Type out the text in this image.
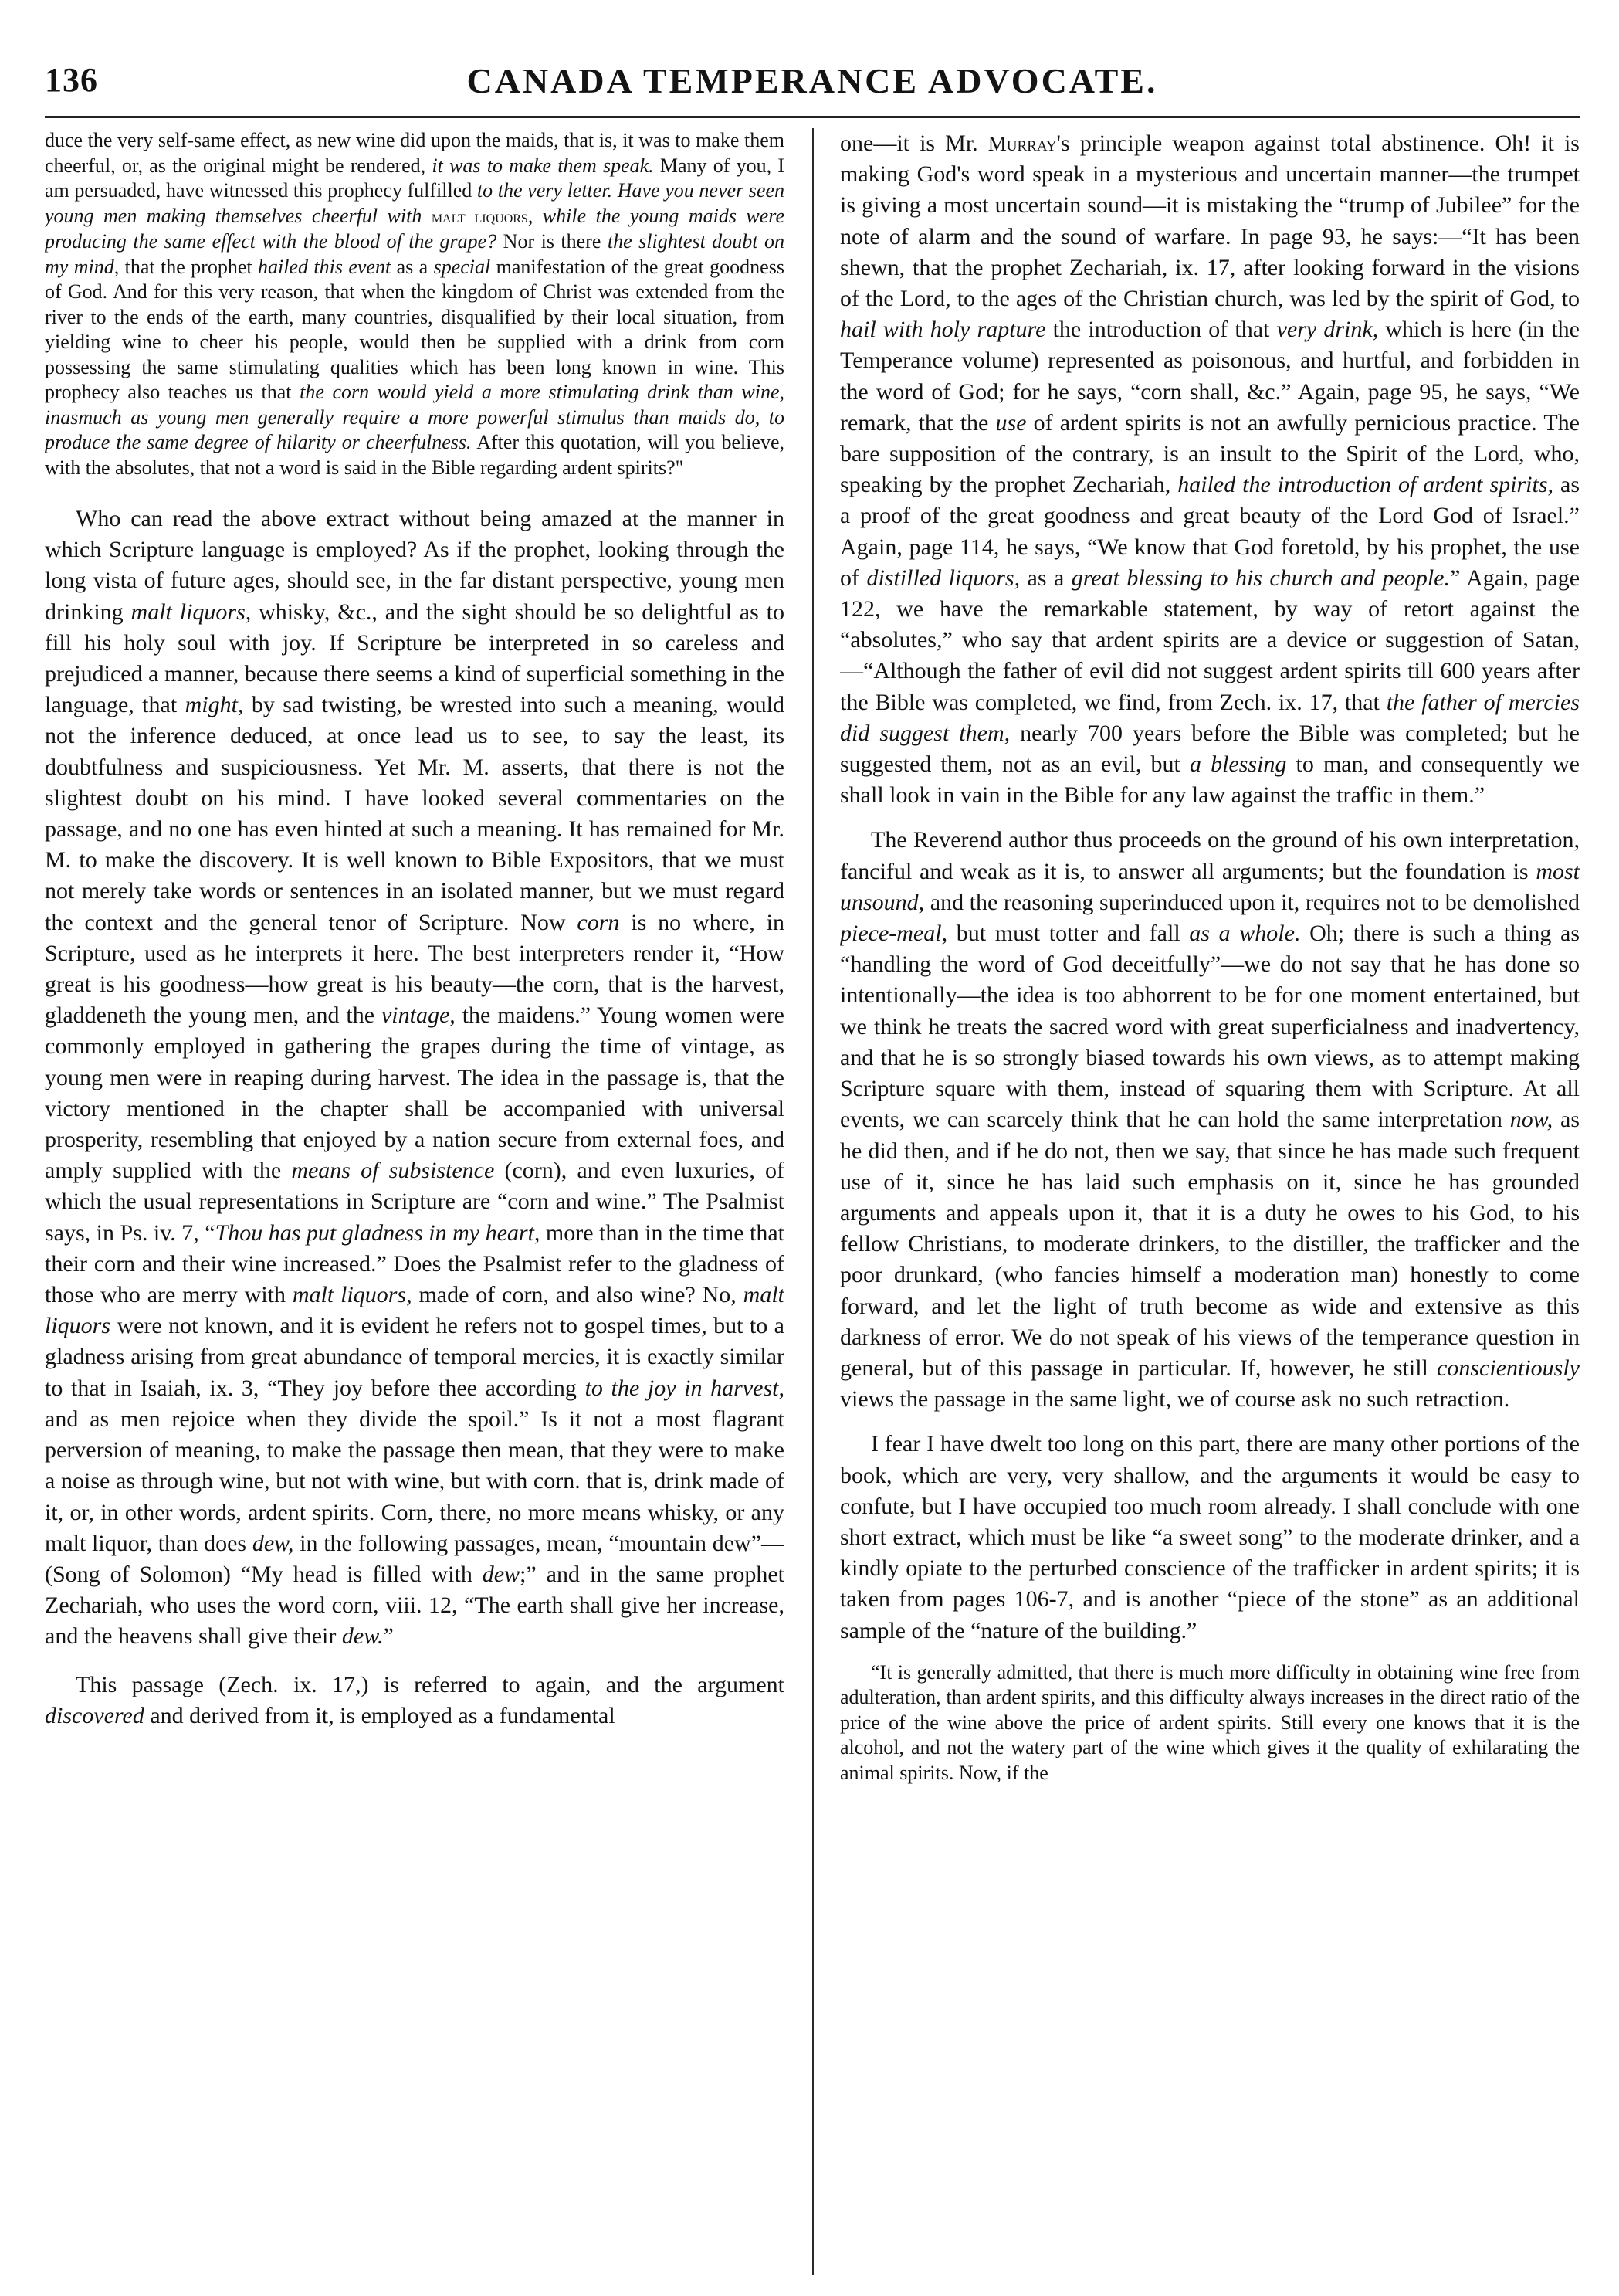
136	CANADA TEMPERANCE ADVOCATE.

duce the very self-same effect, as new wine did upon the maids, that is, it was to make them cheerful, or, as the original might be rendered, it was to make them speak. Many of you, I am persuaded, have witnessed this prophecy fulfilled to the very letter. Have you never seen young men making themselves cheerful with malt liquors, while the young maids were producing the same effect with the blood of the grape? Nor is there the slightest doubt on my mind, that the prophet hailed this event as a special manifestation of the great goodness of God. And for this very reason, that when the kingdom of Christ was extended from the river to the ends of the earth, many countries, disqualified by their local situation, from yielding wine to cheer his people, would then be supplied with a drink from corn possessing the same stimulating qualities which has been long known in wine. This prophecy also teaches us that the corn would yield a more stimulating drink than wine, inasmuch as young men generally require a more powerful stimulus than maids do, to produce the same degree of hilarity or cheerfulness. After this quotation, will you believe, with the absolutes, that not a word is said in the Bible regarding ardent spirits?"

Who can read the above extract without being amazed at the manner in which Scripture language is employed? As if the prophet, looking through the long vista of future ages, should see, in the far distant perspective, young men drinking malt liquors, whisky, &c., and the sight should be so delightful as to fill his holy soul with joy. If Scripture be interpreted in so careless and prejudiced a manner, because there seems a kind of superficial something in the language, that might, by sad twisting, be wrested into such a meaning, would not the inference deduced, at once lead us to see, to say the least, its doubtfulness and suspiciousness. Yet Mr. M. asserts, that there is not the slightest doubt on his mind. I have looked several commentaries on the passage, and no one has even hinted at such a meaning. It has remained for Mr. M. to make the discovery. It is well known to Bible Expositors, that we must not merely take words or sentences in an isolated manner, but we must regard the context and the general tenor of Scripture. Now corn is no where, in Scripture, used as he interprets it here. The best interpreters render it, “How great is his goodness—how great is his beauty—the corn, that is the harvest, gladdeneth the young men, and the vintage, the maidens.” Young women were commonly employed in gathering the grapes during the time of vintage, as young men were in reaping during harvest. The idea in the passage is, that the victory mentioned in the chapter shall be accompanied with universal prosperity, resembling that enjoyed by a nation secure from external foes, and amply supplied with the means of subsistence (corn), and even luxuries, of which the usual representations in Scripture are “corn and wine.” The Psalmist says, in Ps. iv. 7, “Thou has put gladness in my heart, more than in the time that their corn and their wine increased.” Does the Psalmist refer to the gladness of those who are merry with malt liquors, made of corn, and also wine? No, malt liquors were not known, and it is evident he refers not to gospel times, but to a gladness arising from great abundance of temporal mercies, it is exactly similar to that in Isaiah, ix. 3, “They joy before thee according to the joy in harvest, and as men rejoice when they divide the spoil.” Is it not a most flagrant perversion of meaning, to make the passage then mean, that they were to make a noise as through wine, but not with wine, but with corn. that is, drink made of it, or, in other words, ardent spirits. Corn, there, no more means whisky, or any malt liquor, than does dew, in the following passages, mean, “mountain dew”—(Song of Solomon) “My head is filled with dew;” and in the same prophet Zechariah, who uses the word corn, viii. 12, “The earth shall give her increase, and the heavens shall give their dew.”

This passage (Zech. ix. 17,) is referred to again, and the argument discovered and derived from it, is employed as a fundamental

one—it is Mr. Murray's principle weapon against total abstinence. Oh! it is making God's word speak in a mysterious and uncertain manner—the trumpet is giving a most uncertain sound—it is mistaking the “trump of Jubilee” for the note of alarm and the sound of warfare. In page 93, he says:—“It has been shewn, that the prophet Zechariah, ix. 17, after looking forward in the visions of the Lord, to the ages of the Christian church, was led by the spirit of God, to hail with holy rapture the introduction of that very drink, which is here (in the Temperance volume) represented as poisonous, and hurtful, and forbidden in the word of God; for he says, “corn shall, &c.” Again, page 95, he says, “We remark, that the use of ardent spirits is not an awfully pernicious practice. The bare supposition of the contrary, is an insult to the Spirit of the Lord, who, speaking by the prophet Zechariah, hailed the introduction of ardent spirits, as a proof of the great goodness and great beauty of the Lord God of Israel.” Again, page 114, he says, “We know that God foretold, by his prophet, the use of distilled liquors, as a great blessing to his church and people.” Again, page 122, we have the remarkable statement, by way of retort against the “absolutes,” who say that ardent spirits are a device or suggestion of Satan,—“Although the father of evil did not suggest ardent spirits till 600 years after the Bible was completed, we find, from Zech. ix. 17, that the father of mercies did suggest them, nearly 700 years before the Bible was completed; but he suggested them, not as an evil, but a blessing to man, and consequently we shall look in vain in the Bible for any law against the traffic in them.”

The Reverend author thus proceeds on the ground of his own interpretation, fanciful and weak as it is, to answer all arguments; but the foundation is most unsound, and the reasoning superinduced upon it, requires not to be demolished piece-meal, but must totter and fall as a whole. Oh; there is such a thing as “handling the word of God deceitfully”—we do not say that he has done so intentionally—the idea is too abhorrent to be for one moment entertained, but we think he treats the sacred word with great superficialness and inadvertency, and that he is so strongly biased towards his own views, as to attempt making Scripture square with them, instead of squaring them with Scripture. At all events, we can scarcely think that he can hold the same interpretation now, as he did then, and if he do not, then we say, that since he has made such frequent use of it, since he has laid such emphasis on it, since he has grounded arguments and appeals upon it, that it is a duty he owes to his God, to his fellow Christians, to moderate drinkers, to the distiller, the trafficker and the poor drunkard, (who fancies himself a moderation man) honestly to come forward, and let the light of truth become as wide and extensive as this darkness of error. We do not speak of his views of the temperance question in general, but of this passage in particular. If, however, he still conscientiously views the passage in the same light, we of course ask no such retraction.

I fear I have dwelt too long on this part, there are many other portions of the book, which are very, very shallow, and the arguments it would be easy to confute, but I have occupied too much room already. I shall conclude with one short extract, which must be like “a sweet song” to the moderate drinker, and a kindly opiate to the perturbed conscience of the trafficker in ardent spirits; it is taken from pages 106-7, and is another “piece of the stone” as an additional sample of the “nature of the building.”

“It is generally admitted, that there is much more difficulty in obtaining wine free from adulteration, than ardent spirits, and this difficulty always increases in the direct ratio of the price of the wine above the price of ardent spirits. Still every one knows that it is the alcohol, and not the watery part of the wine which gives it the quality of exhilarating the animal spirits. Now, if the
